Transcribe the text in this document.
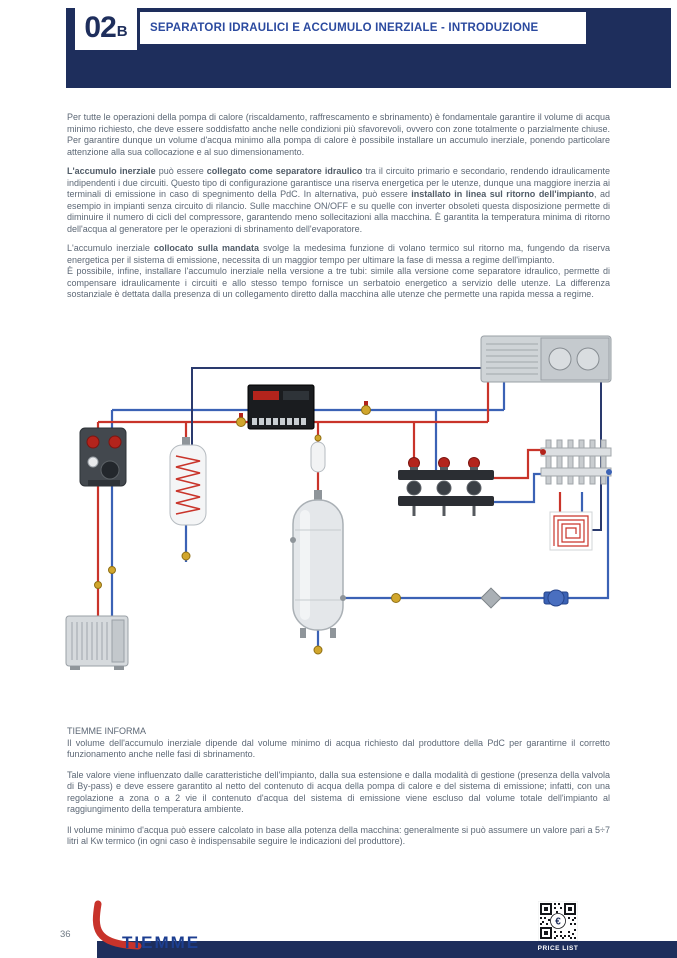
02 B SEPARATORI IDRAULICI E ACCUMULO INERZIALE - INTRODUZIONE

Per tutte le operazioni della pompa di calore (riscaldamento, raffrescamento e sbrinamento) è fondamentale garantire il volume di acqua minimo richiesto, che deve essere soddisfatto anche nelle condizioni più sfavorevoli, ovvero con zone totalmente o parzialmente chiuse. Per garantire dunque un volume d'acqua minimo alla pompa di calore è possibile installare un accumulo inerziale, ponendo particolare attenzione alla sua collocazione e al suo dimensionamento.

L'accumulo inerziale può essere collegato come separatore idraulico tra il circuito primario e secondario, rendendo idraulicamente indipendenti i due circuiti. Questo tipo di configurazione garantisce una riserva energetica per le utenze, dunque una maggiore inerzia ai terminali di emissione in caso di spegnimento della PdC. In alternativa, può essere installato in linea sul ritorno dell'impianto, ad esempio in impianti senza circuito di rilancio. Sulle macchine ON/OFF e su quelle con inverter obsoleti questa disposizione permette di diminuire il numero di cicli del compressore, garantendo meno sollecitazioni alla macchina. È garantita la temperatura minima di ritorno dell'acqua al generatore per le operazioni di sbrinamento dell'evaporatore.

L'accumulo inerziale collocato sulla mandata svolge la medesima funzione di volano termico sul ritorno ma, fungendo da riserva energetica per il sistema di emissione, necessita di un maggior tempo per ultimare la fase di messa a regime dell'impianto.

È possibile, infine, installare l'accumulo inerziale nella versione a tre tubi: simile alla versione come separatore idraulico, permette di compensare idraulicamente i circuiti e allo stesso tempo fornisce un serbatoio energetico a servizio delle utenze. La differenza sostanziale è dettata dalla presenza di un collegamento diretto dalla macchina alle utenze che permette una rapida messa a regime.

TIEMME INFORMA

Il volume dell'accumulo inerziale dipende dal volume minimo di acqua richiesto dal produttore della PdC per garantirne il corretto funzionamento anche nelle fasi di sbrinamento.

Tale valore viene influenzato dalle caratteristiche dell'impianto, dalla sua estensione e dalla modalità di gestione (presenza della valvola di By-pass) e deve essere garantito al netto del contenuto di acqua della pompa di calore e del sistema di emissione; infatti, con una regolazione a zona o a 2 vie il contenuto d'acqua del sistema di emissione viene escluso dal volume totale dell'impianto al raggiungimento della temperatura ambiente.

Il volume minimo d'acqua può essere calcolato in base alla potenza della macchina: generalmente si può assumere un valore pari a 5÷7 litri al Kw termico (in ogni caso è indispensabile seguire le indicazioni del produttore).

36	TIEMME
€
PRICE LIST
